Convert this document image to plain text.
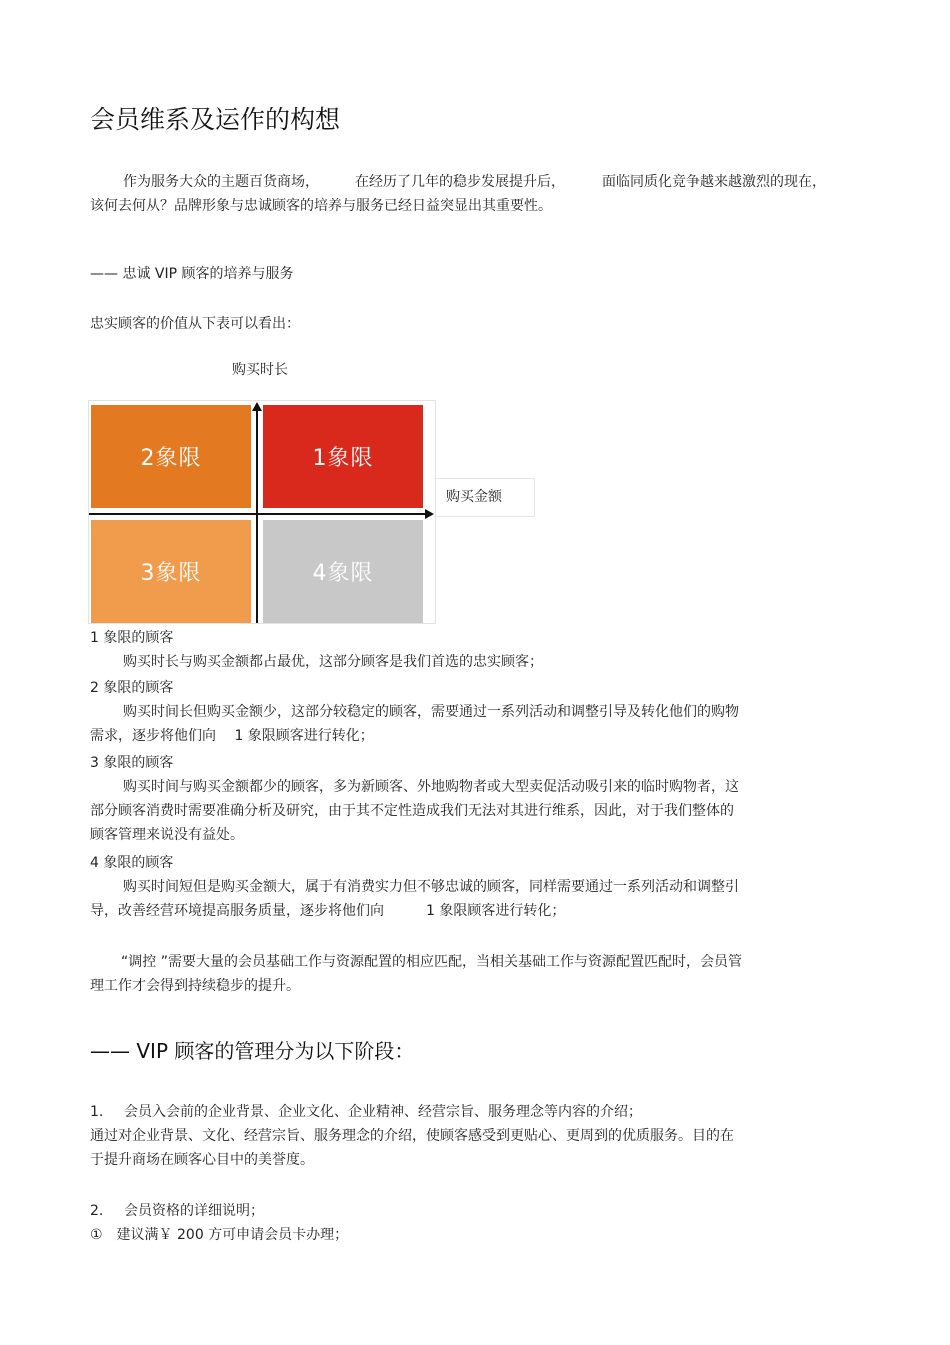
会员维系及运作的构想
作为服务大众的主题百货商场，	在经历了几年的稳步发展提升后，	面临同质化竞争越来越激烈的现在，
该何去何从？品牌形象与忠诚顾客的培养与服务已经日益突显出其重要性。
—— 忠诚 VIP 顾客的培养与服务
忠实顾客的价值从下表可以看出：
购买时长
2象限	1象限
3象限	4象限
购买金额
1 象限的顾客
购买时长与购买金额都占最优，这部分顾客是我们首选的忠实顾客；
2 象限的顾客
购买时间长但购买金额少，这部分较稳定的顾客，需要通过一系列活动和调整引导及转化他们的购物
需求，逐步将他们向　 1 象限顾客进行转化；
3 象限的顾客
购买时间与购买金额都少的顾客，多为新顾客、外地购物者或大型卖促活动吸引来的临时购物者，这
部分顾客消费时需要准确分析及研究，由于其不定性造成我们无法对其进行维系，因此，对于我们整体的
顾客管理来说没有益处。
4 象限的顾客
购买时间短但是购买金额大，属于有消费实力但不够忠诚的顾客，同样需要通过一系列活动和调整引
导，改善经营环境提高服务质量，逐步将他们向　　　1 象限顾客进行转化；
“调控 ”需要大量的会员基础工作与资源配置的相应匹配，当相关基础工作与资源配置匹配时，会员管
理工作才会得到持续稳步的提升。
—— VIP 顾客的管理分为以下阶段：
1. 会员入会前的企业背景、企业文化、企业精神、经营宗旨、服务理念等内容的介绍；
通过对企业背景、文化、经营宗旨、服务理念的介绍，使顾客感受到更贴心、更周到的优质服务。目的在
于提升商场在顾客心目中的美誉度。
2. 会员资格的详细说明；
①　建议满￥ 200 方可申请会员卡办理；
